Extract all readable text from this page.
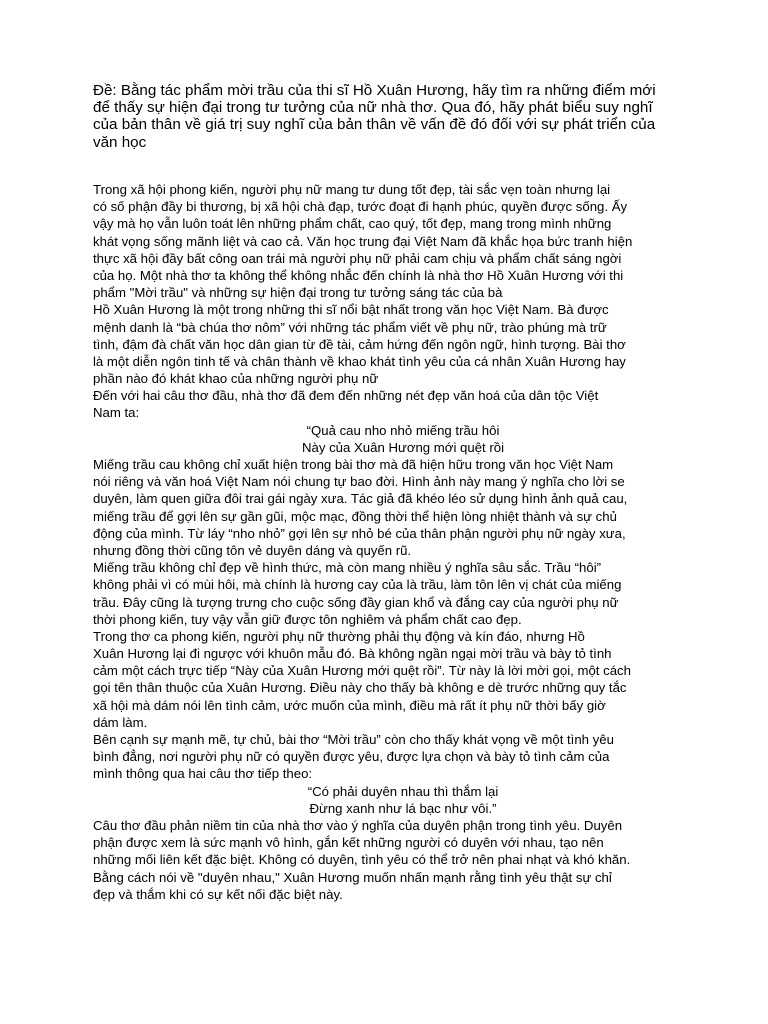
Đề: Bằng tác phẩm mời trầu của thi sĩ Hồ Xuân Hương, hãy tìm ra những điểm mới
để thấy sự hiện đại trong tư tưởng của nữ nhà thơ. Qua đó, hãy phát biểu suy nghĩ
của bản thân về giá trị suy nghĩ của bản thân về vấn đề đó đối với sự phát triển của
văn học
Trong xã hội phong kiến, người phụ nữ mang tư dung tốt đẹp, tài sắc vẹn toàn nhưng lại
có số phận đầy bi thương, bị xã hội chà đạp, tước đoạt đi hạnh phúc, quyền được sống. Ấy
vậy mà họ vẫn luôn toát lên những phẩm chất, cao quý, tốt đẹp, mang trong mình những
khát vọng sống mãnh liệt và cao cả. Văn học trung đại Việt Nam đã khắc họa bức tranh hiện
thực xã hội đầy bất công oan trái mà người phụ nữ phải cam chịu và phẩm chất sáng ngời
của họ. Một nhà thơ ta không thể không nhắc đến chính là nhà thơ Hồ Xuân Hương với thi
phẩm "Mời trầu" và những sự hiện đại trong tư tưởng sáng tác của bà
Hồ Xuân Hương là một trong những thi sĩ nổi bật nhất trong văn học Việt Nam. Bà được
mệnh danh là “bà chúa thơ nôm” với những tác phẩm viết về phụ nữ, trào phúng mà trữ
tình, đậm đà chất văn học dân gian từ đề tài, cảm hứng đến ngôn ngữ, hình tượng. Bài thơ
là một diễn ngôn tinh tế và chân thành về khao khát tình yêu của cá nhân Xuân Hương hay
phần nào đó khát khao của những người phụ nữ
Đến với hai câu thơ đầu, nhà thơ đã đem đến những nét đẹp văn hoá của dân tộc Việt
Nam ta:
“Quả cau nho nhỏ miếng trầu hôi
Này của Xuân Hương mới quệt rồi
Miếng trầu cau không chỉ xuất hiện trong bài thơ mà đã hiện hữu trong văn học Việt Nam
nói riêng và văn hoá Việt Nam nói chung tự bao đời. Hình ảnh này mang ý nghĩa cho lời se
duyên, làm quen giữa đôi trai gái ngày xưa. Tác giả đã khéo léo sử dụng hình ảnh quả cau,
miếng trầu để gợi lên sự gần gũi, mộc mạc, đồng thời thể hiện lòng nhiệt thành và sự chủ
động của mình. Từ láy “nho nhỏ” gợi lên sự nhỏ bé của thân phận người phụ nữ ngày xưa,
nhưng đồng thời cũng tôn vẻ duyên dáng và quyến rũ.
Miếng trầu không chỉ đẹp về hình thức, mà còn mang nhiều ý nghĩa sâu sắc. Trầu “hôi”
không phải vì có mùi hôi, mà chính là hương cay của là trầu, làm tôn lên vị chát của miếng
trầu. Đây cũng là tượng trưng cho cuộc sống đầy gian khổ và đắng cay của người phụ nữ
thời phong kiến, tuy vậy vẫn giữ được tôn nghiêm và phẩm chất cao đẹp.
Trong thơ ca phong kiến, người phụ nữ thường phải thụ động và kín đáo, nhưng Hồ
Xuân Hương lại đi ngược với khuôn mẫu đó. Bà không ngần ngại mời trầu và bày tỏ tình
cảm một cách trực tiếp “Này của Xuân Hương mới quệt rồi”. Từ này là lời mời gọi, một cách
gọi tên thân thuộc của Xuân Hương. Điều này cho thấy bà không e dè trước những quy tắc
xã hội mà dám nói lên tình cảm, ước muốn của mình, điều mà rất ít phụ nữ thời bấy giờ
dám làm.
Bên cạnh sự mạnh mẽ, tự chủ, bài thơ “Mời trầu” còn cho thấy khát vọng về một tình yêu
bình đẳng, nơi người phụ nữ có quyền được yêu, được lựa chọn và bày tỏ tình cảm của
mình thông qua hai câu thơ tiếp theo:
“Có phải duyên nhau thì thắm lại
Đừng xanh như lá bạc như vôi.”
Câu thơ đầu phản niềm tin của nhà thơ vào ý nghĩa của duyên phận trong tình yêu. Duyên
phận được xem là sức mạnh vô hình, gắn kết những người có duyên với nhau, tạo nên
những mối liên kết đặc biệt. Không có duyên, tình yêu có thể trở nên phai nhạt và khó khăn.
Bằng cách nói về "duyên nhau," Xuân Hương muốn nhấn mạnh rằng tình yêu thật sự chỉ
đẹp và thắm khi có sự kết nối đặc biệt này.
